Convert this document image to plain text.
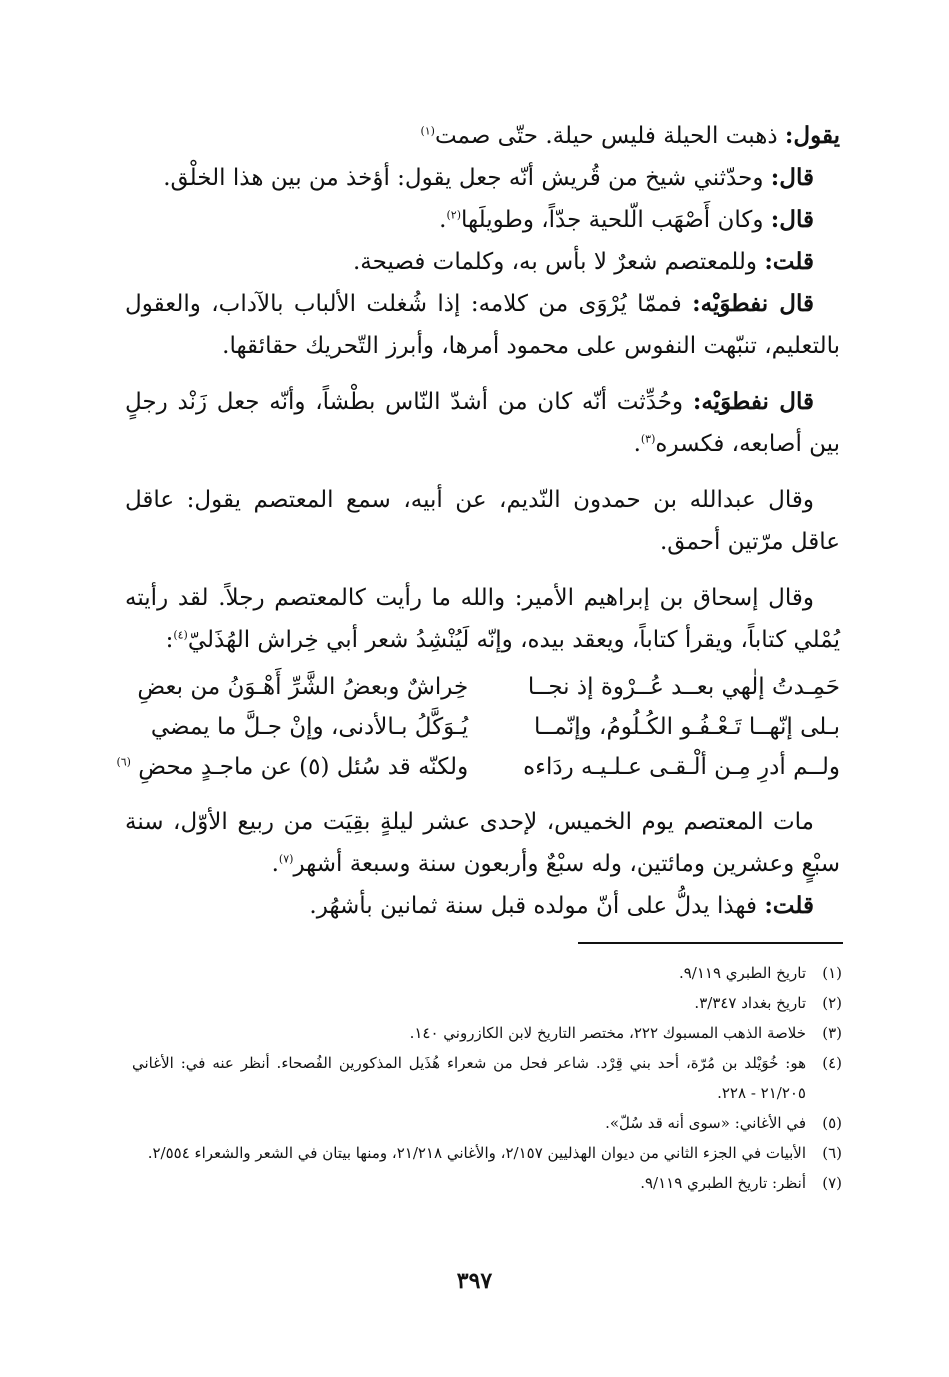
يقول: ذهبت الحيلة فليس حيلة. حتّى صمت$^{(١)}$

قال: وحدّثني شيخ من قُريش أنّه جعل يقول: أؤخذ من بين هذا الخلْق.

قال: وكان أَصْهَب الّلحية جدّاً، وطويلَها$^{(٢)}$.

قلت: وللمعتصم شعرٌ لا بأس به، وكلمات فصيحة.

قال نفطوَيْه: فممّا يُرْوَى من كلامه: إذا شُغلت الألباب بالآداب، والعقول بالتعليم، تنبّهت النفوس على محمود أمرها، وأبرز التّحريك حقائقها.

قال نفطوَيْه: وحُدِّثت أنّه كان من أشدّ النّاس بطْشاً، وأنّه جعل زَنْد رجلٍ بين أصابعه، فكسره$^{(٣)}$.

وقال عبدالله بن حمدون النّديم، عن أبيه، سمع المعتصم يقول: عاقل عاقل مرّتين أحمق.

وقال إسحاق بن إبراهيم الأمير: والله ما رأيت كالمعتصم رجلاً. لقد رأيته يُمْلي كتاباً، ويقرأ كتاباً، ويعقد بيده، وإنّه لَيُنْشِدُ شعر أبي خِراش الهُذَليّ$^{(٤)}$:

حَمِـدتُ إلٰهي بعــد عُــرْوة إذ نجــا
خِراشٌ وبعضُ الشَّرِّ أَهْـوَنُ من بعضِ
بـلى إنّهــا تَـعْـفُـو الكُـلُومُ، وإنّمــا
يُـوَكَّلُ بـالأدنى، وإنْ جـلَّ ما يمضي
ولــم أدرِ مِـن ألْـقـى عـلـيـه ردَاءه
ولكنّه قد سُئل (٥) عن ماجـدٍ محضِ $^{(٦)}$

مات المعتصم يوم الخميس، لإحدى عشر ليلةٍ بقِيَت من ربيع الأوّل، سنة سبْعٍ وعشرين ومائتين، وله سبْعٌ وأربعون سنة وسبعة أشهر$^{(٧)}$.

قلت: فهذا يدلُّ على أنّ مولده قبل سنة ثمانين بأشهُر.

(١)
تاريخ الطبري ٩/١١٩.
(٢)
تاريخ بغداد ٣/٣٤٧.
(٣)
خلاصة الذهب المسبوك ٢٢٢، مختصر التاريخ لابن الكازروني ١٤٠.
(٤)
هو: خُوَيْلد بن مُرّة، أحد بني قِرْد. شاعر فحل من شعراء هُذَيل المذكورين الفُصحاء. أنظر عنه في: الأغاني ٢١/٢٠٥ - ٢٢٨.
(٥)
في الأغاني: «سوى أنه قد سُلّ».
(٦)
الأبيات في الجزء الثاني من ديوان الهذليين ٢/١٥٧، والأغاني ٢١/٢١٨، ومنها بيتان في الشعر والشعراء ٢/٥٥٤.
(٧)
أنظر: تاريخ الطبري ٩/١١٩.
٣٩٧
